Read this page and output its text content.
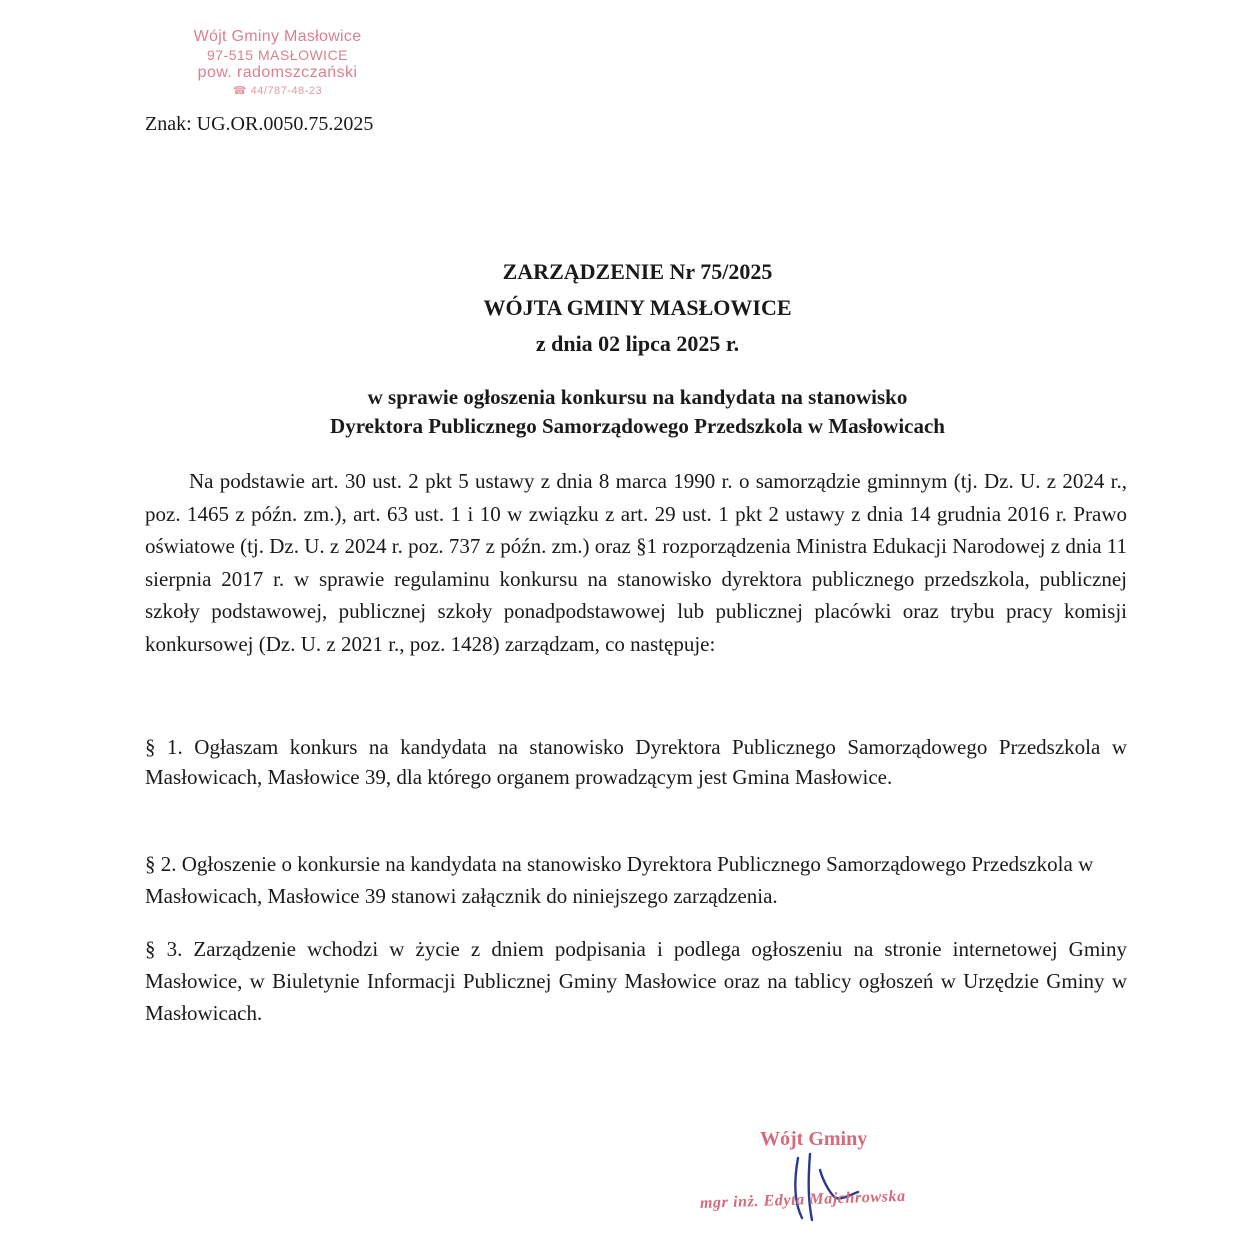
Wójt Gminy Masłowice
97-515 MASŁOWICE
pow. radomszczański
☎ 44/787-48-23
Znak: UG.OR.0050.75.2025
ZARZĄDZENIE Nr 75/2025
WÓJTA GMINY MASŁOWICE
z dnia 02 lipca 2025 r.
w sprawie ogłoszenia konkursu na kandydata na stanowisko
Dyrektora Publicznego Samorządowego Przedszkola w Masłowicach
Na podstawie art. 30 ust. 2 pkt 5 ustawy z dnia 8 marca 1990 r. o samorządzie gminnym (tj. Dz. U. z 2024 r., poz. 1465 z późn. zm.), art. 63 ust. 1 i 10 w związku z art. 29 ust. 1 pkt 2 ustawy z dnia 14 grudnia 2016 r. Prawo oświatowe (tj. Dz. U. z 2024 r. poz. 737 z późn. zm.) oraz §1 rozporządzenia Ministra Edukacji Narodowej z dnia 11 sierpnia 2017 r. w sprawie regulaminu konkursu na stanowisko dyrektora publicznego przedszkola, publicznej szkoły podstawowej, publicznej szkoły ponadpodstawowej lub publicznej placówki oraz trybu pracy komisji konkursowej (Dz. U. z 2021 r., poz. 1428) zarządzam, co następuje:
§ 1. Ogłaszam konkurs na kandydata na stanowisko Dyrektora Publicznego Samorządowego Przedszkola w Masłowicach, Masłowice 39, dla którego organem prowadzącym jest Gmina Masłowice.
§ 2. Ogłoszenie o konkursie na kandydata na stanowisko Dyrektora Publicznego Samorządowego Przedszkola w Masłowicach, Masłowice 39 stanowi załącznik do niniejszego zarządzenia.
§ 3. Zarządzenie wchodzi w życie z dniem podpisania i podlega ogłoszeniu na stronie internetowej Gminy Masłowice, w Biuletynie Informacji Publicznej Gminy Masłowice oraz na tablicy ogłoszeń w Urzędzie Gminy w Masłowicach.
Wójt Gminy
mgr inż. Edyta Majchrowska
